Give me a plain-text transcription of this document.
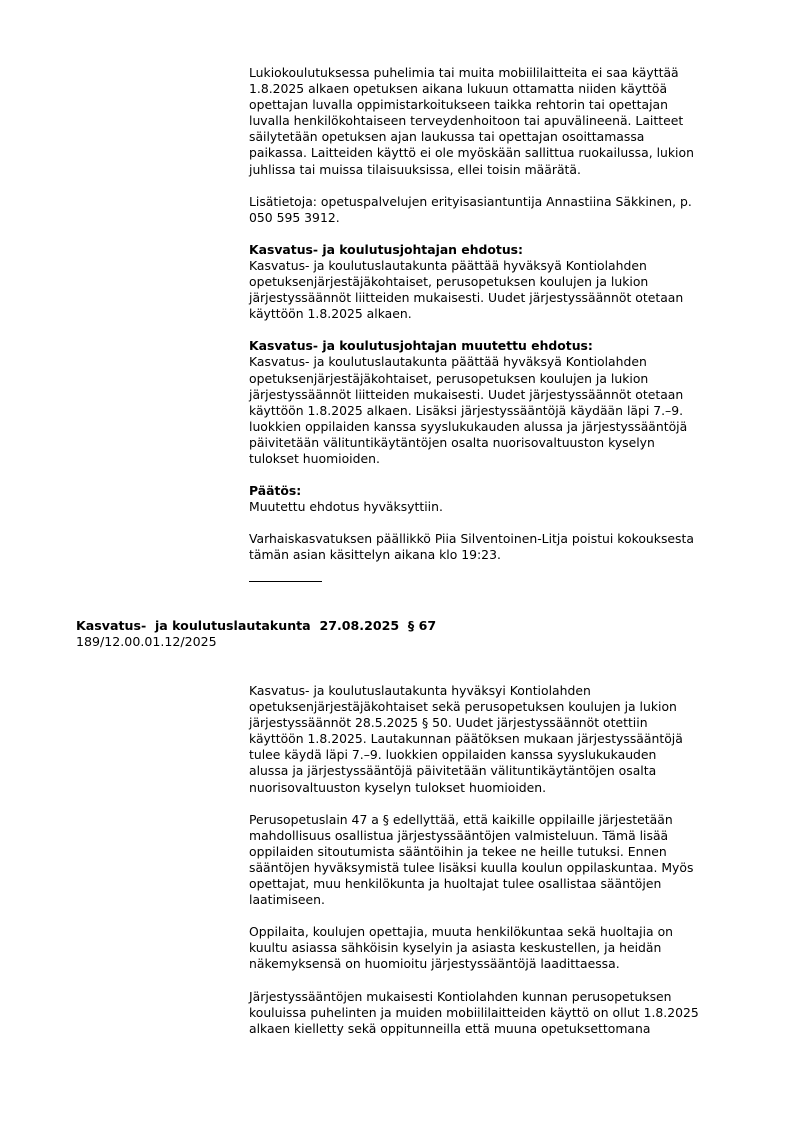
Lukiokoulutuksessa puhelimia tai muita mobiililaitteita ei saa käyttää
1.8.2025 alkaen opetuksen aikana lukuun ottamatta niiden käyttöä
opettajan luvalla oppimistarkoitukseen taikka rehtorin tai opettajan
luvalla henkilökohtaiseen terveydenhoitoon tai apuvälineenä. Laitteet
säilytetään opetuksen ajan laukussa tai opettajan osoittamassa
paikassa. Laitteiden käyttö ei ole myöskään sallittua ruokailussa, lukion
juhlissa tai muissa tilaisuuksissa, ellei toisin määrätä.

Lisätietoja: opetuspalvelujen erityisasiantuntija Annastiina Säkkinen, p.
050 595 3912.

Kasvatus- ja koulutusjohtajan ehdotus:

Kasvatus- ja koulutuslautakunta päättää hyväksyä Kontiolahden
opetuksenjärjestäjäkohtaiset, perusopetuksen koulujen ja lukion
järjestyssäännöt liitteiden mukaisesti. Uudet järjestyssäännöt otetaan
käyttöön 1.8.2025 alkaen.

Kasvatus- ja koulutusjohtajan muutettu ehdotus:

Kasvatus- ja koulutuslautakunta päättää hyväksyä Kontiolahden
opetuksenjärjestäjäkohtaiset, perusopetuksen koulujen ja lukion
järjestyssäännöt liitteiden mukaisesti. Uudet järjestyssäännöt otetaan
käyttöön 1.8.2025 alkaen. Lisäksi järjestyssääntöjä käydään läpi 7.–9.
luokkien oppilaiden kanssa syyslukukauden alussa ja järjestyssääntöjä
päivitetään välituntikäytäntöjen osalta nuorisovaltuuston kyselyn
tulokset huomioiden.

Päätös:

Muutettu ehdotus hyväksyttiin.

Varhaiskasvatuksen päällikkö Piia Silventoinen-Litja poistui kokouksesta
tämän asian käsittelyn aikana klo 19:23.

Kasvatus-  ja koulutuslautakunta  27.08.2025  § 67
189/12.00.01.12/2025

Kasvatus- ja koulutuslautakunta hyväksyi Kontiolahden
opetuksenjärjestäjäkohtaiset sekä perusopetuksen koulujen ja lukion
järjestyssäännöt 28.5.2025 § 50. Uudet järjestyssäännöt otettiin
käyttöön 1.8.2025. Lautakunnan päätöksen mukaan järjestyssääntöjä
tulee käydä läpi 7.–9. luokkien oppilaiden kanssa syyslukukauden
alussa ja järjestyssääntöjä päivitetään välituntikäytäntöjen osalta
nuorisovaltuuston kyselyn tulokset huomioiden.

Perusopetuslain 47 a § edellyttää, että kaikille oppilaille järjestetään
mahdollisuus osallistua järjestyssääntöjen valmisteluun. Tämä lisää
oppilaiden sitoutumista sääntöihin ja tekee ne heille tutuksi. Ennen
sääntöjen hyväksymistä tulee lisäksi kuulla koulun oppilaskuntaa. Myös
opettajat, muu henkilökunta ja huoltajat tulee osallistaa sääntöjen
laatimiseen.

Oppilaita, koulujen opettajia, muuta henkilökuntaa sekä huoltajia on
kuultu asiassa sähköisin kyselyin ja asiasta keskustellen, ja heidän
näkemyksensä on huomioitu järjestyssääntöjä laadittaessa.

Järjestyssääntöjen mukaisesti Kontiolahden kunnan perusopetuksen
kouluissa puhelinten ja muiden mobiililaitteiden käyttö on ollut 1.8.2025
alkaen kielletty sekä oppitunneilla että muuna opetuksettomana
